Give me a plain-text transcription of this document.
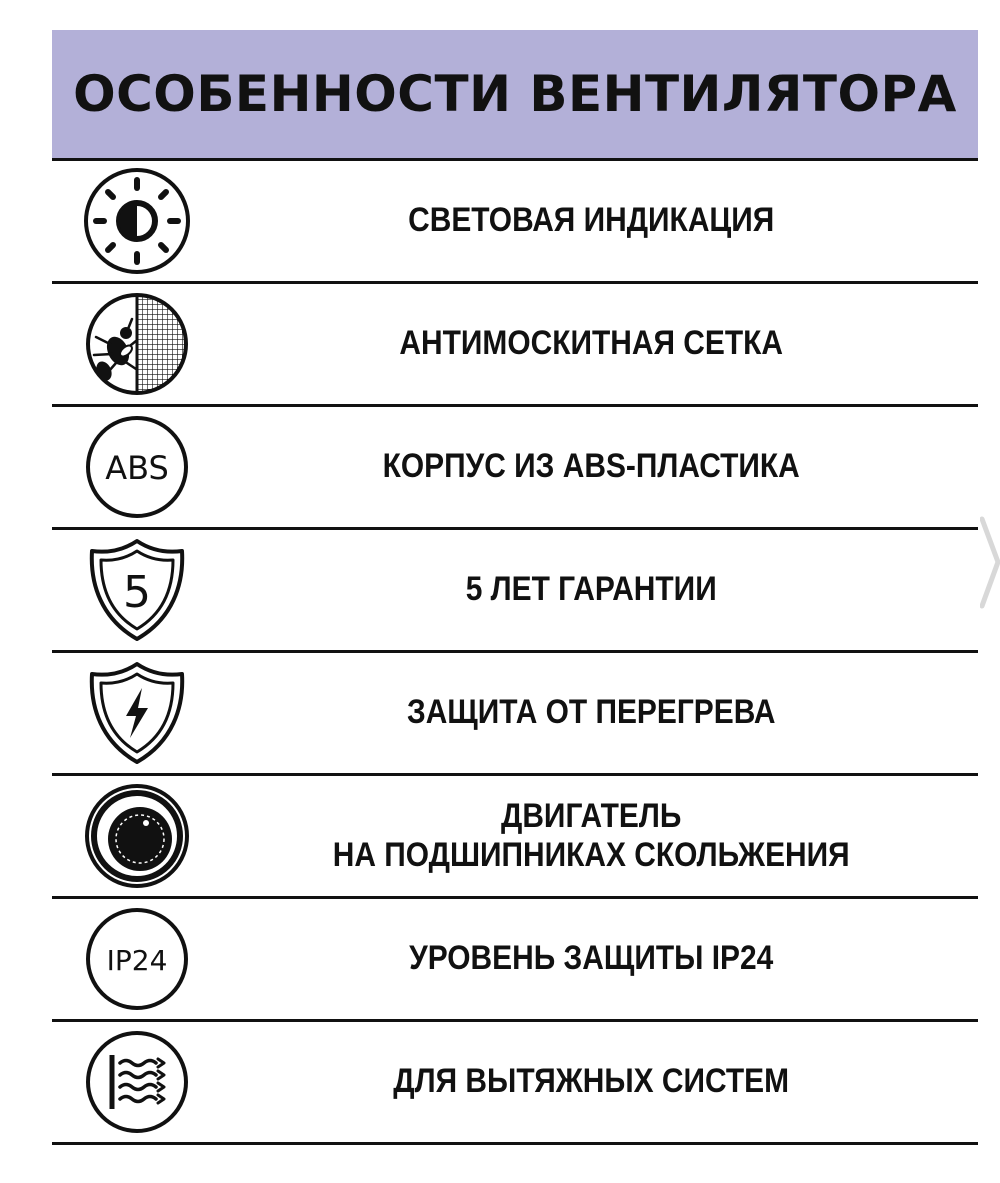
ОСОБЕННОСТИ ВЕНТИЛЯТОРА
СВЕТОВАЯ ИНДИКАЦИЯ
АНТИМОСКИТНАЯ СЕТКА
ABS	КОРПУС ИЗ ABS-ПЛАСТИКА
5	5 ЛЕТ ГАРАНТИИ
ЗАЩИТА ОТ ПЕРЕГРЕВА
ДВИГАТЕЛЬ
НА ПОДШИПНИКАХ СКОЛЬЖЕНИЯ
IP24	УРОВЕНЬ ЗАЩИТЫ IP24
ДЛЯ ВЫТЯЖНЫХ СИСТЕМ
